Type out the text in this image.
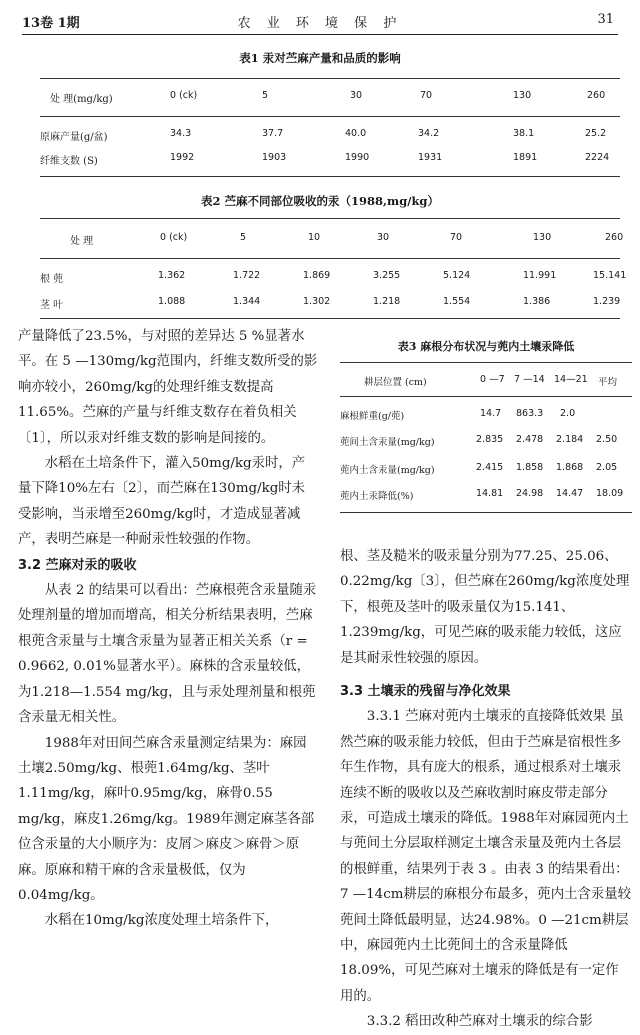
13卷 1期	农 业 环 境 保 护	31
表1 汞对苎麻产量和品质的影响
处 理(mg/kg)	0 (ck)	5	30	70	130	260
原麻产量(g/盆)	34.3	37.7	40.0	34.2	38.1	25.2
纤维支数 (S)	1992	1903	1990	1931	1891	2224
表2 苎麻不同部位吸收的汞（1988,mg/kg）
处 理	0 (ck)	5	10	30	70	130	260
根 蔸	1.362	1.722	1.869	3.255	5.124	11.991	15.141
茎 叶	1.088	1.344	1.302	1.218	1.554	1.386	1.239

产量降低了23.5%，与对照的差异达 5 %显著水平。在 5 —130mg/kg范围内，纤维支数所受的影响亦较小，260mg/kg的处理纤维支数提高11.65%。苎麻的产量与纤维支数存在着负相关〔1〕，所以汞对纤维支数的影响是间接的。

水稻在土培条件下，灌入50mg/kg汞时，产量下降10%左右〔2〕，而苎麻在130mg/kg时未受影响，当汞增至260mg/kg时，才造成显著减产，表明苎麻是一种耐汞性较强的作物。

3.2 苎麻对汞的吸收

从表 2 的结果可以看出：苎麻根蔸含汞量随汞处理剂量的增加而增高，相关分析结果表明，苎麻根蔸含汞量与土壤含汞量为显著正相关关系（r = 0.9662, 0.01%显著水平）。麻株的含汞量较低，为1.218—1.554 mg/kg，且与汞处理剂量和根蔸含汞量无相关性。

1988年对田间苎麻含汞量测定结果为：麻园土壤2.50mg/kg、根蔸1.64mg/kg、茎叶1.11mg/kg，麻叶0.95mg/kg，麻骨0.55 mg/kg，麻皮1.26mg/kg。1989年测定麻茎各部位含汞量的大小顺序为：皮屑＞麻皮＞麻骨＞原麻。原麻和精干麻的含汞量极低，仅为0.04mg/kg。

水稻在10mg/kg浓度处理土培条件下，

表3 麻根分布状况与蔸内土壤汞降低
耕层位置 (cm)	0 —7 7 —14 14—21 平均
麻根鲜重(g/蔸)	14.7 863.3 2.0
蔸间土含汞量(mg/kg)	2.835 2.478 2.184 2.50
蔸内土含汞量(mg/kg)	2.415 1.858 1.868 2.05
蔸内土汞降低(%)	14.81 24.98 14.47 18.09

根、茎及糙米的吸汞量分别为77.25、25.06、0.22mg/kg〔3〕，但苎麻在260mg/kg浓度处理下，根蔸及茎叶的吸汞量仅为15.141、1.239mg/kg，可见苎麻的吸汞能力较低，这应是其耐汞性较强的原因。

3.3 土壤汞的残留与净化效果

3.3.1 苎麻对蔸内土壤汞的直接降低效果 虽然苎麻的吸汞能力较低，但由于苎麻是宿根性多年生作物，具有庞大的根系，通过根系对土壤汞连续不断的吸收以及苎麻收割时麻皮带走部分汞，可造成土壤汞的降低。1988年对麻园蔸内土与蔸间土分层取样测定土壤含汞量及蔸内土各层的根鲜重，结果列于表 3 。由表 3 的结果看出：7 —14cm耕层的麻根分布最多，蔸内土含汞量较蔸间土降低最明显，达24.98%。0 —21cm耕层中，麻园蔸内土比蔸间土的含汞量降低18.09%，可见苎麻对土壤汞的降低是有一定作用的。

3.3.2 稻田改种苎麻对土壤汞的综合影
